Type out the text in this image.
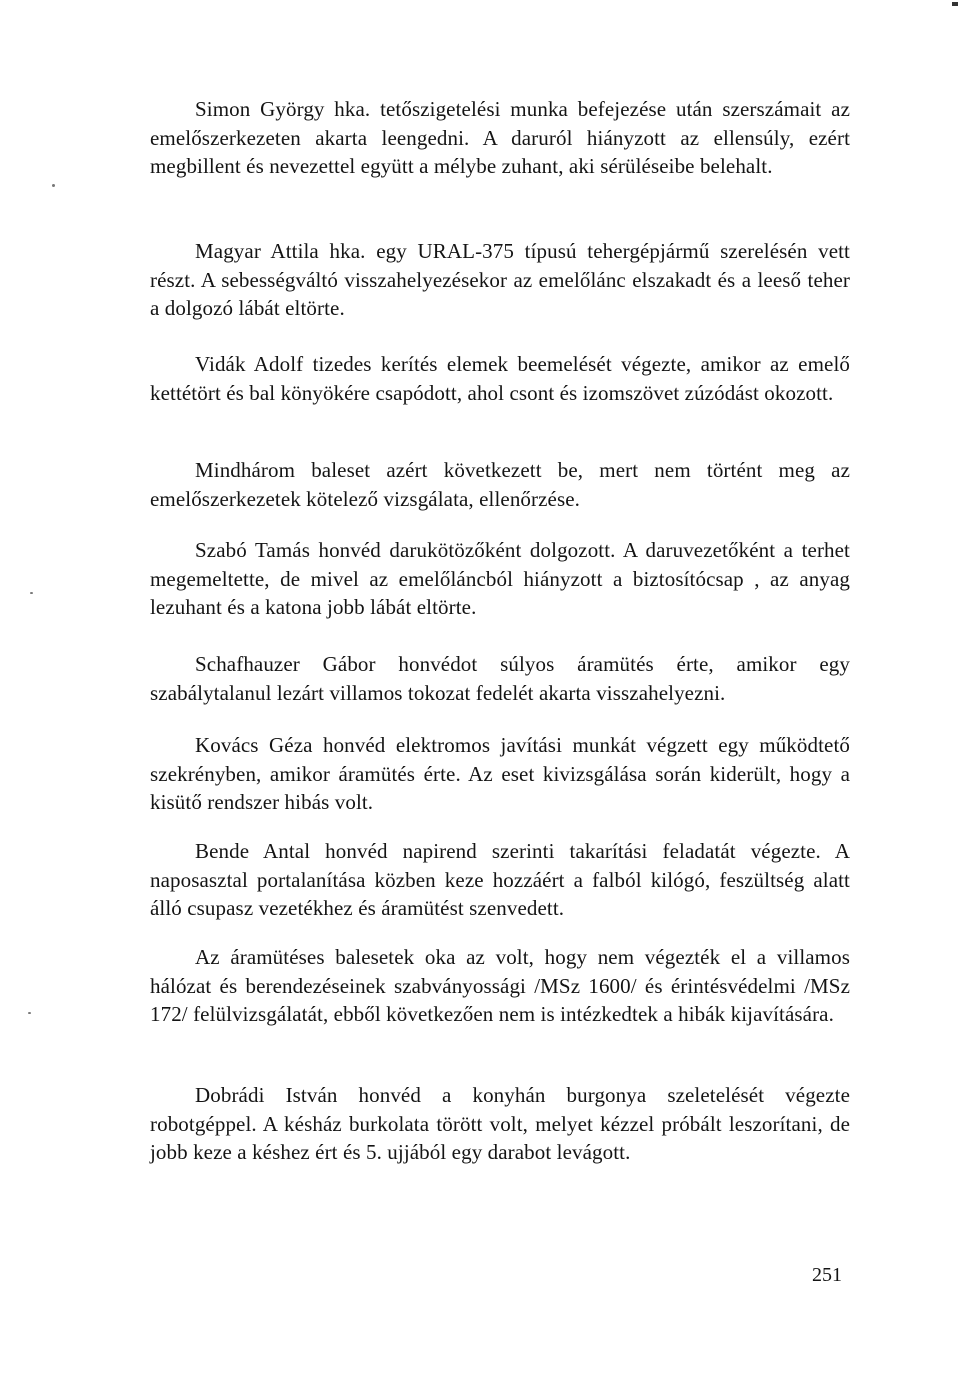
Simon György hka. tetőszigetelési munka befejezése után szerszámait az emelőszerkezeten akarta leengedni. A daruról hiányzott az ellensúly, ezért megbillent és nevezettel együtt a mélybe zuhant, aki sérüléseibe belehalt.

Magyar Attila hka. egy URAL-375 típusú tehergépjármű szerelésén vett részt. A sebességváltó visszahelyezésekor az emelőlánc elszakadt és a leeső teher a dolgozó lábát eltörte.

Vidák Adolf tizedes kerítés elemek beemelését végezte, amikor az emelő kettétört és bal könyökére csapódott, ahol csont és izomszövet zúzódást okozott.

Mindhárom baleset azért következett be, mert nem történt meg az emelőszerkezetek kötelező vizsgálata, ellenőrzése.

Szabó Tamás honvéd darukötözőként dolgozott. A daruvezetőként a terhet megemeltette, de mivel az emelőláncból hiányzott a biztosítócsap , az anyag lezuhant és a katona jobb lábát eltörte.

Schafhauzer Gábor honvédot súlyos áramütés érte, amikor egy szabálytalanul lezárt villamos tokozat fedelét akarta visszahelyezni.

Kovács Géza honvéd elektromos javítási munkát végzett egy működtető szekrényben, amikor áramütés érte. Az eset kivizsgálása során kiderült, hogy a kisütő rendszer hibás volt.

Bende Antal honvéd napirend szerinti takarítási feladatát végezte. A naposasztal portalanítása közben keze hozzáért a falból kilógó, feszültség alatt álló csupasz vezetékhez és áramütést szenvedett.

Az áramütéses balesetek oka az volt, hogy nem végezték el a villamos hálózat és berendezéseinek szabványossági /MSz 1600/ és érintésvédelmi /MSz 172/ felülvizsgálatát, ebből következően nem is intézkedtek a hibák kijavítására.

Dobrádi István honvéd a konyhán burgonya szeletelését végezte robotgéppel. A késház burkolata törött volt, melyet kézzel próbált leszorítani, de jobb keze a késhez ért és 5. ujjából egy darabot levágott.

251
